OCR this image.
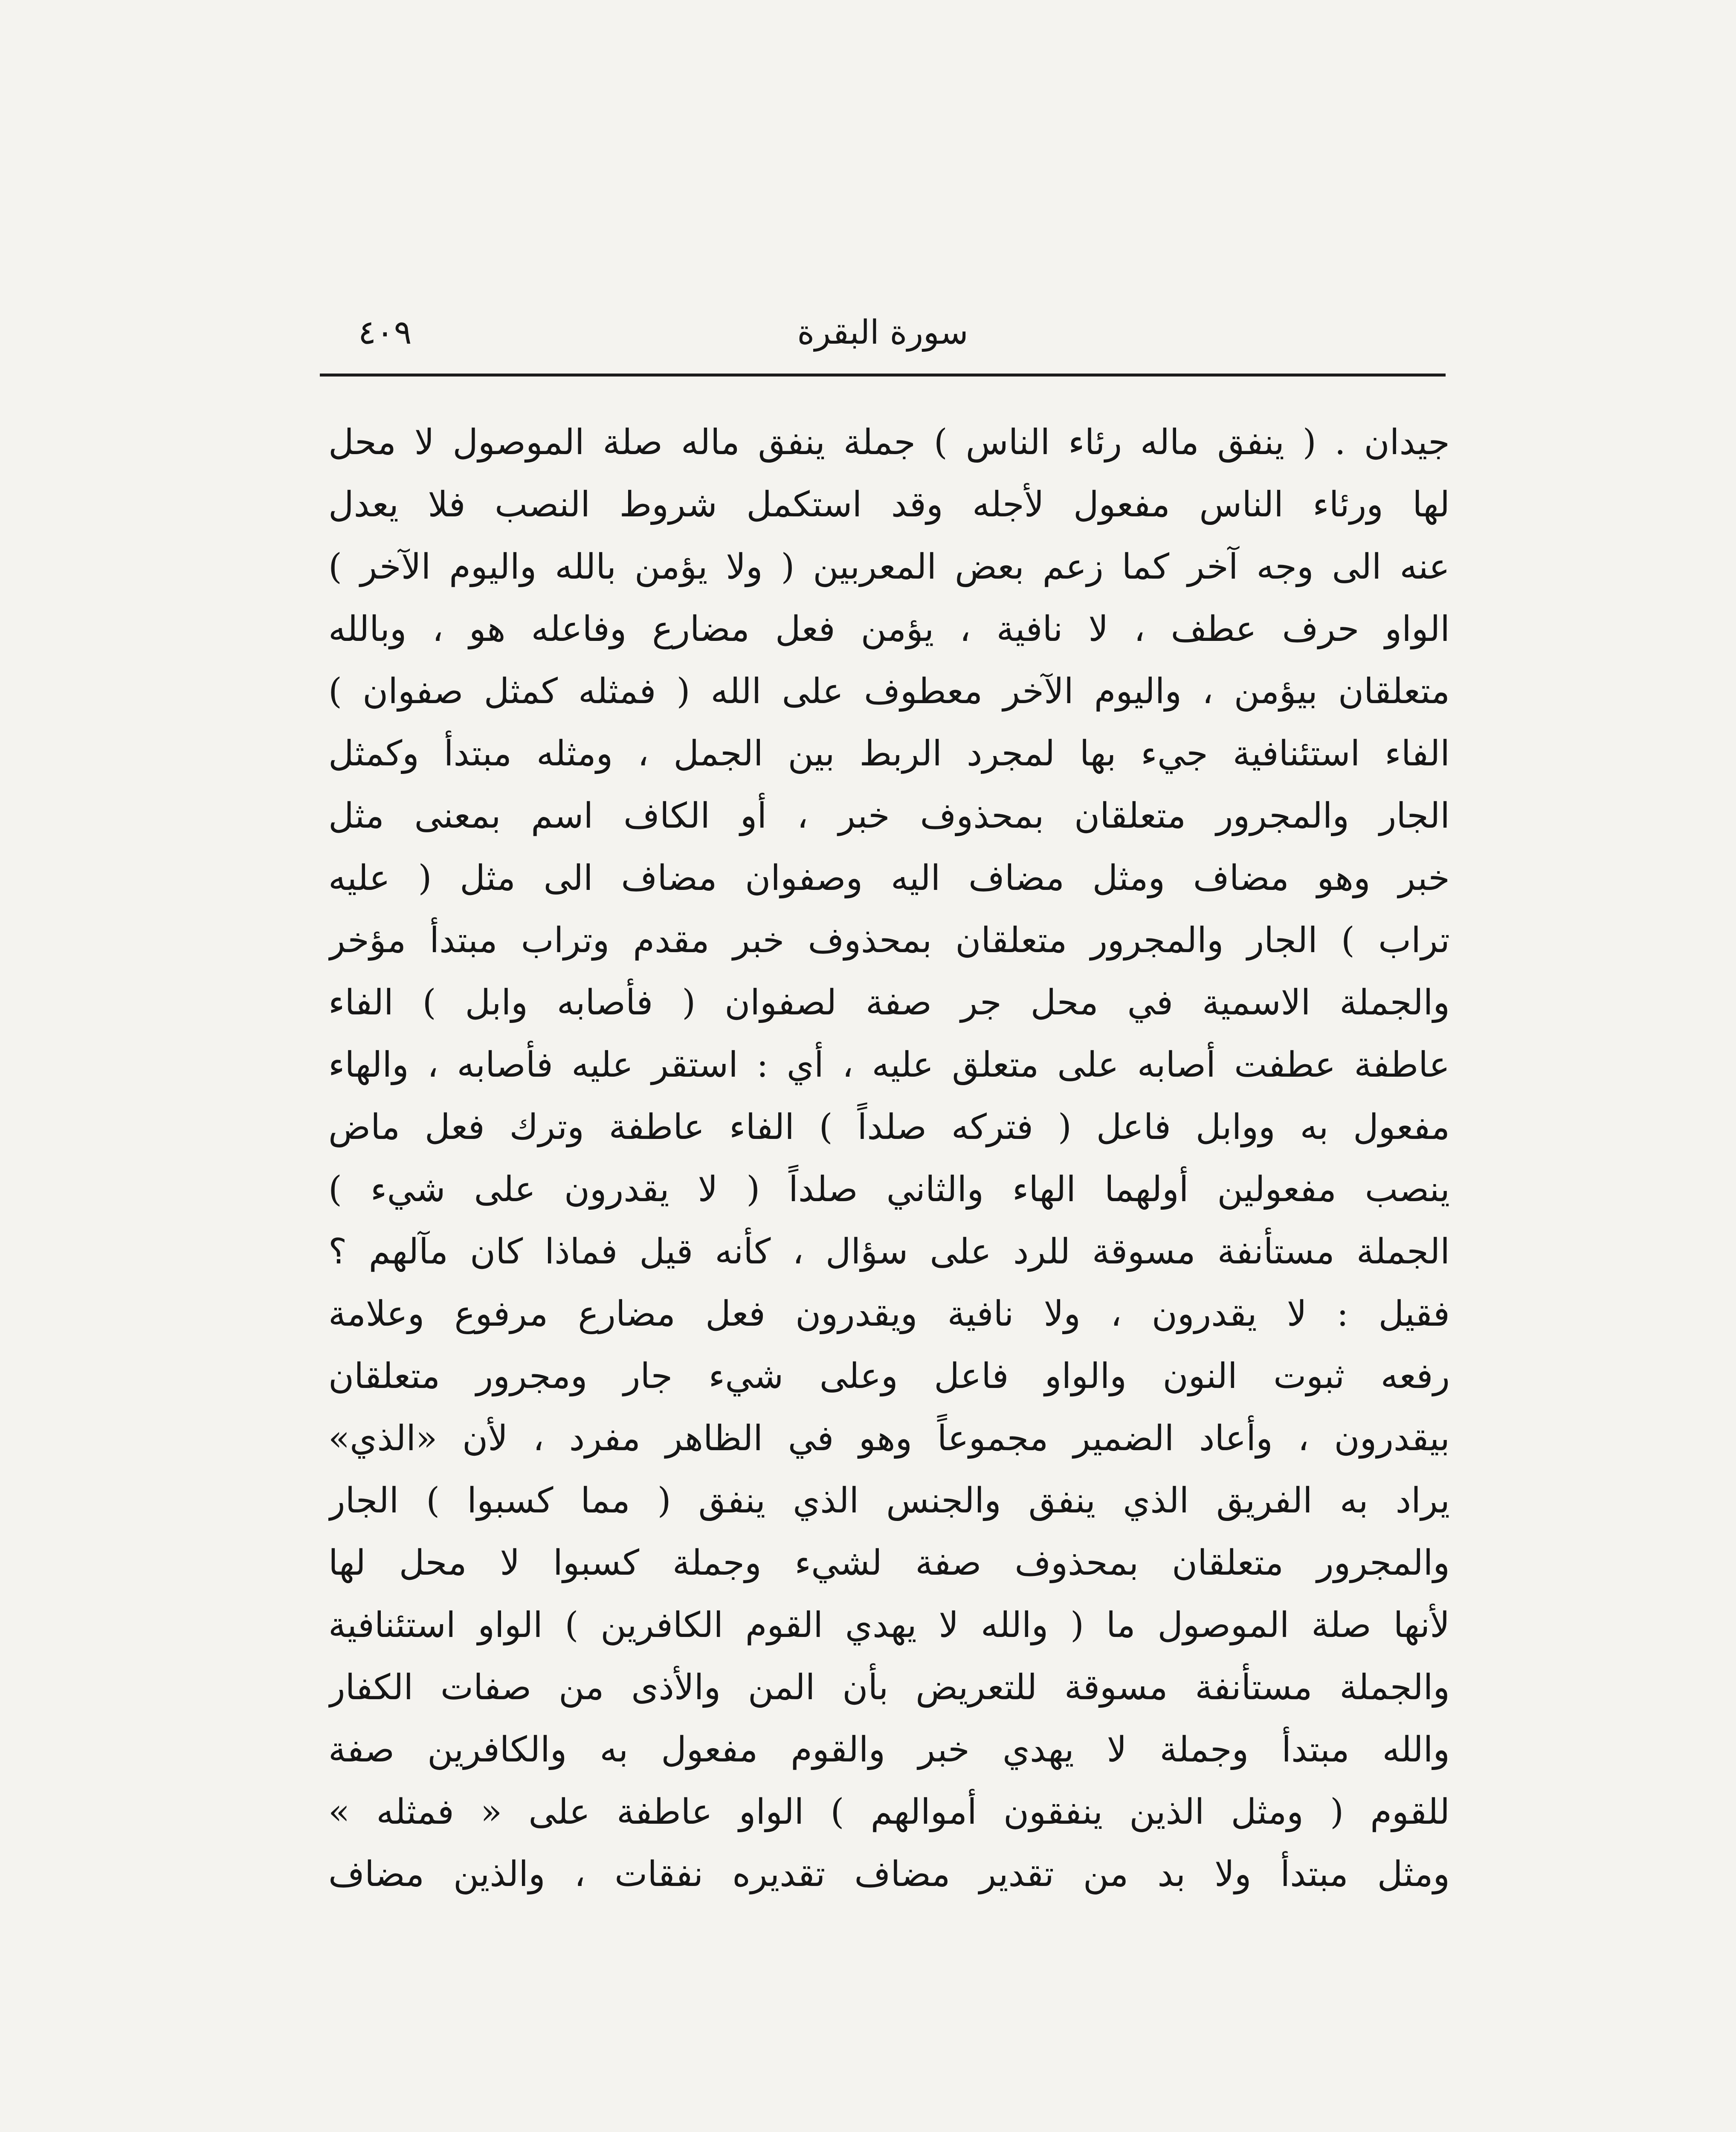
سورة البقرة
٤٠٩
جيدان . ( ينفق ماله رئاء الناس ) جملة ينفق ماله صلة الموصول لا محل
لها ورئاء الناس مفعول لأجله وقد استكمل شروط النصب فلا يعدل
عنه الى وجه آخر كما زعم بعض المعربين ( ولا يؤمن بالله واليوم الآخر )
الواو حرف عطف ، لا نافية ، يؤمن فعل مضارع وفاعله هو ، وبالله
متعلقان بيؤمن ، واليوم الآخر معطوف على الله ( فمثله كمثل صفوان )
الفاء استئنافية جيء بها لمجرد الربط بين الجمل ، ومثله مبتدأ وكمثل
الجار والمجرور متعلقان بمحذوف خبر ، أو الكاف اسم بمعنى مثل
خبر وهو مضاف ومثل مضاف اليه وصفوان مضاف الى مثل ( عليه
تراب ) الجار والمجرور متعلقان بمحذوف خبر مقدم وتراب مبتدأ مؤخر
والجملة الاسمية في محل جر صفة لصفوان ( فأصابه وابل ) الفاء
عاطفة عطفت أصابه على متعلق عليه ، أي : استقر عليه فأصابه ، والهاء
مفعول به ووابل فاعل ( فتركه صلداً ) الفاء عاطفة وترك فعل ماض
ينصب مفعولين أولهما الهاء والثاني صلداً ( لا يقدرون على شيء )
الجملة مستأنفة مسوقة للرد على سؤال ، كأنه قيل فماذا كان مآلهم ؟
فقيل : لا يقدرون ، ولا نافية ويقدرون فعل مضارع مرفوع وعلامة
رفعه ثبوت النون والواو فاعل وعلى شيء جار ومجرور متعلقان
بيقدرون ، وأعاد الضمير مجموعاً وهو في الظاهر مفرد ، لأن «الذي»
يراد به الفريق الذي ينفق والجنس الذي ينفق ( مما كسبوا ) الجار
والمجرور متعلقان بمحذوف صفة لشيء وجملة كسبوا لا محل لها
لأنها صلة الموصول ما ( والله لا يهدي القوم الكافرين ) الواو استئنافية
والجملة مستأنفة مسوقة للتعريض بأن المن والأذى من صفات الكفار
والله مبتدأ وجملة لا يهدي خبر والقوم مفعول به والكافرين صفة
للقوم ( ومثل الذين ينفقون أموالهم ) الواو عاطفة على « فمثله »
ومثل مبتدأ ولا بد من تقدير مضاف تقديره نفقات ، والذين مضاف
